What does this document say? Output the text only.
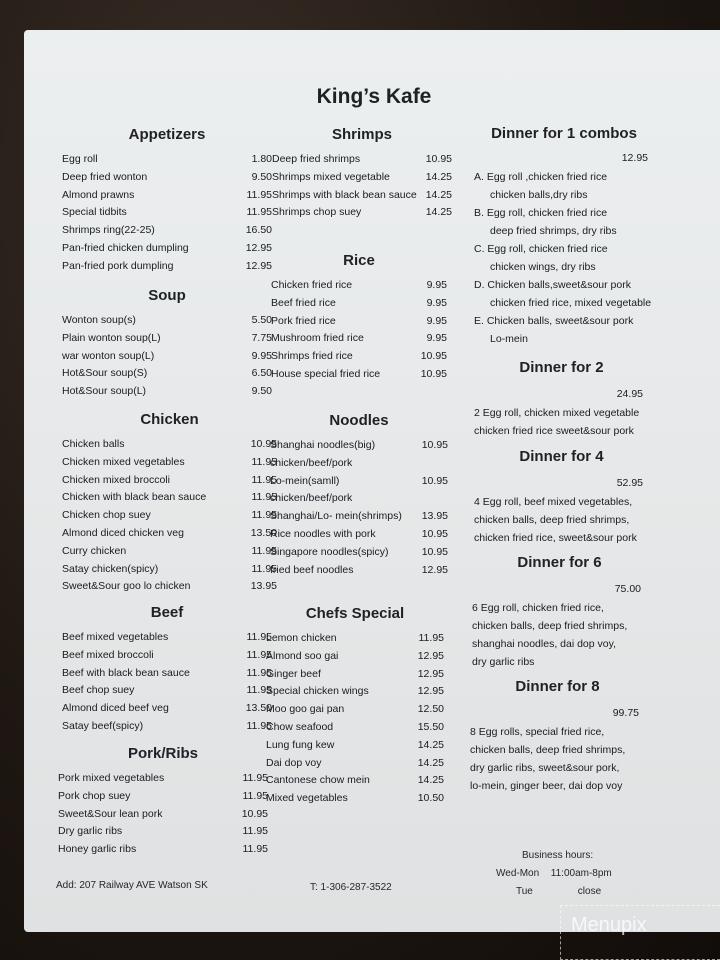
King’s Kafe
Appetizers
Egg roll	1.80
Deep fried wonton	9.50
Almond prawns	11.95
Special tidbits	11.95
Shrimps ring(22-25)	16.50
Pan-fried chicken dumpling	12.95
Pan-fried pork dumpling	12.95
Soup
Wonton soup(s)	5.50
Plain wonton soup(L)	7.75
war wonton soup(L)	9.95
Hot&Sour soup(S)	6.50
Hot&Sour soup(L)	9.50
Chicken
Chicken balls	10.95
Chicken mixed vegetables	11.95
Chicken mixed broccoli	11.95
Chicken with black bean sauce	11.95
Chicken chop suey	11.95
Almond diced chicken veg	13.50
Curry chicken	11.95
Satay chicken(spicy)	11.95
Sweet&Sour goo lo chicken	13.95
Beef
Beef mixed vegetables	11.95
Beef mixed broccoli	11.95
Beef with black bean sauce	11.95
Beef chop suey	11.95
Almond diced beef veg	13.50
Satay beef(spicy)	11.95
Pork/Ribs
Pork mixed vegetables	11.95
Pork chop suey	11.95
Sweet&Sour lean pork	10.95
Dry garlic ribs	11.95
Honey garlic ribs	11.95
Shrimps
Deep fried shrimps	10.95
Shrimps mixed vegetable	14.25
Shrimps with black bean sauce 14.25
Shrimps chop suey	14.25
Rice
Chicken fried rice	9.95
Beef fried rice	9.95
Pork fried rice	9.95
Mushroom fried rice	9.95
Shrimps fried rice	10.95
House special fried rice	10.95
Noodles
Shanghai noodles(big)	10.95
chicken/beef/pork
Lo-mein(samll)	10.95
chicken/beef/pork
Shanghai/Lo- mein(shrimps)	13.95
Rice noodles with pork	10.95
Singapore noodles(spicy)	10.95
fried beef noodles	12.95
Chefs Special
Lemon chicken	11.95
Almond soo gai	12.95
Ginger beef	12.95
Special chicken wings	12.95
Moo goo gai pan	12.50
Chow seafood	15.50
Lung fung kew	14.25
Dai dop voy	14.25
Cantonese chow mein	14.25
Mixed vegetables	10.50
Dinner for 1 combos
12.95
A. Egg roll ,chicken fried rice
chicken balls,dry ribs
B. Egg roll, chicken fried rice
deep fried shrimps, dry ribs
C. Egg roll, chicken fried rice
chicken wings, dry ribs
D. Chicken balls,sweet&sour pork
chicken fried rice, mixed vegetable
E. Chicken balls, sweet&sour pork
Lo-mein
Dinner for 2
24.95
2 Egg roll, chicken mixed vegetable
chicken fried rice sweet&sour pork
Dinner for 4
52.95
4 Egg roll, beef mixed vegetables,
chicken balls, deep fried shrimps,
chicken fried rice, sweet&sour pork
Dinner for 6
75.00
6 Egg roll, chicken fried rice,
chicken balls, deep fried shrimps,
shanghai noodles, dai dop voy,
dry garlic ribs
Dinner for 8
99.75
8 Egg rolls, special fried rice,
chicken balls, deep fried shrimps,
dry garlic ribs, sweet&sour pork,
lo-mein, ginger beer, dai dop voy
Add: 207 Railway AVE Watson SK	T: 1-306-287-3522
Business hours:
Wed-Mon 11:00am-8pm
Tue	close
Menupix
